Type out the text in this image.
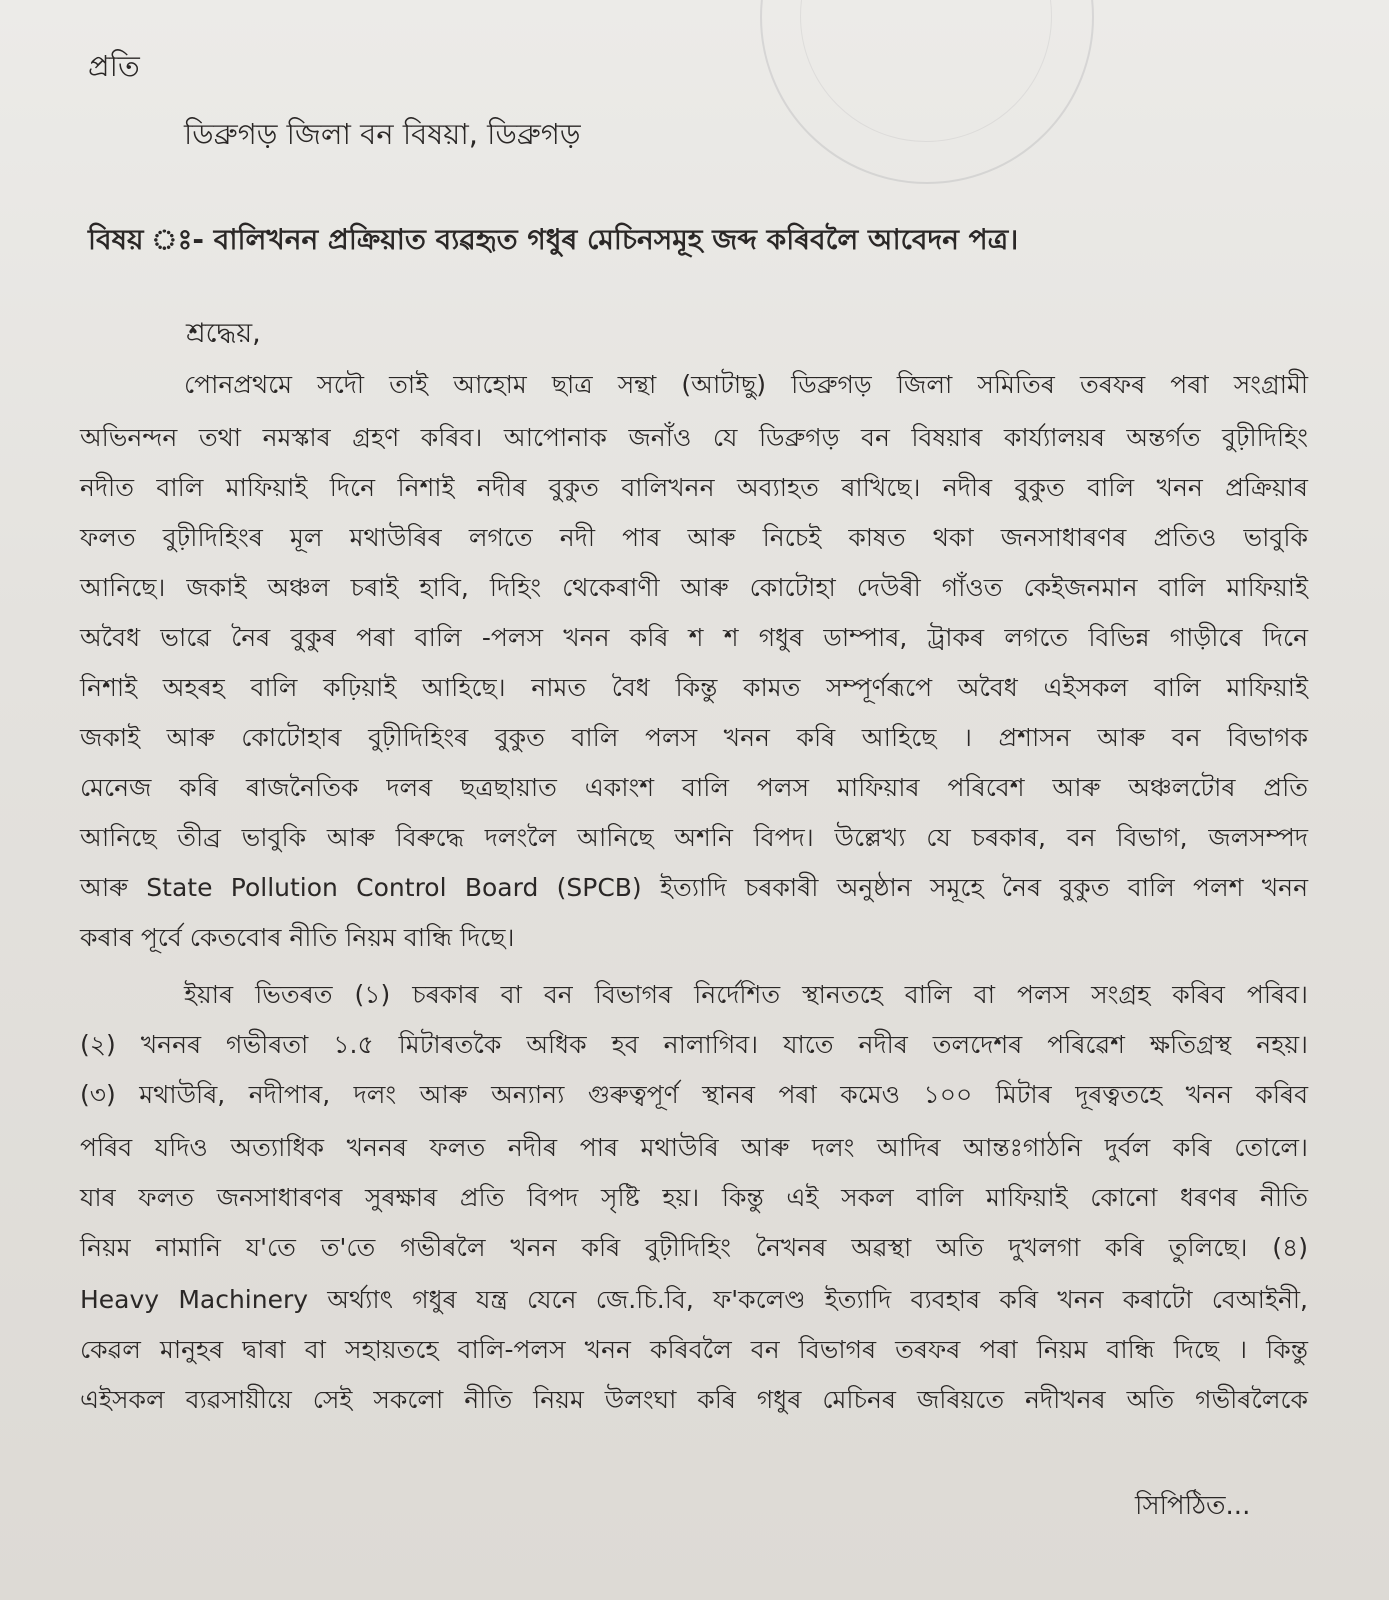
প্ৰতি
ডিব্ৰুগড় জিলা বন বিষয়া, ডিব্ৰুগড়
বিষয় ঃ- বালিখনন প্ৰক্ৰিয়াত ব্যৱহৃত গধুৰ মেচিনসমূহ জব্দ কৰিবলৈ আবেদন পত্ৰ।
শ্ৰদ্ধেয়,
পোনপ্ৰথমে সদৌ তাই আহোম ছাত্ৰ সন্থা (আটাছু) ডিব্ৰুগড় জিলা সমিতিৰ তৰফৰ পৰা সংগ্ৰামী
অভিনন্দন তথা নমস্কাৰ গ্ৰহণ কৰিব। আপোনাক জনাঁও যে ডিব্ৰুগড় বন বিষয়াৰ কাৰ্য্যালয়ৰ অন্তৰ্গত বুঢ়ীদিহিং
নদীত বালি মাফিয়াই দিনে নিশাই নদীৰ বুকুত বালিখনন অব্যাহত ৰাখিছে। নদীৰ বুকুত বালি খনন প্ৰক্ৰিয়াৰ
ফলত বুঢ়ীদিহিংৰ মূল মথাউৰিৰ লগতে নদী পাৰ আৰু নিচেই কাষত থকা জনসাধাৰণৰ প্ৰতিও ভাবুকি
আনিছে। জকাই অঞ্চল চৰাই হাবি, দিহিং থেকেৰাণী আৰু কোটোহা দেউৰী গাঁওত কেইজনমান বালি মাফিয়াই
অবৈধ ভাৱে নৈৰ বুকুৰ পৰা বালি -পলস খনন কৰি শ শ গধুৰ ডাম্পাৰ, ট্ৰাকৰ লগতে বিভিন্ন গাড়ীৰে দিনে
নিশাই অহৰহ বালি কঢ়িয়াই আহিছে। নামত বৈধ কিন্তু কামত সম্পূৰ্ণৰূপে অবৈধ এইসকল বালি মাফিয়াই
জকাই আৰু কোটোহাৰ বুঢ়ীদিহিংৰ বুকুত বালি পলস খনন কৰি আহিছে । প্ৰশাসন আৰু বন বিভাগক
মেনেজ কৰি ৰাজনৈতিক দলৰ ছত্ৰছায়াত একাংশ বালি পলস মাফিয়াৰ পৰিবেশ আৰু অঞ্চলটোৰ প্ৰতি
আনিছে তীব্ৰ ভাবুকি আৰু বিৰুদ্ধে দলংলৈ আনিছে অশনি বিপদ। উল্লেখ্য যে চৰকাৰ, বন বিভাগ, জলসম্পদ
আৰু State Pollution Control Board (SPCB) ইত্যাদি চৰকাৰী অনুষ্ঠান সমূহে নৈৰ বুকুত বালি পলশ খনন
কৰাৰ পূৰ্বে কেতবোৰ নীতি নিয়ম বান্ধি দিছে।
ইয়াৰ ভিতৰত (১) চৰকাৰ বা বন বিভাগৰ নিৰ্দেশিত স্থানতহে বালি বা পলস সংগ্ৰহ কৰিব পৰিব।
(২) খননৰ গভীৰতা ১.৫ মিটাৰতকৈ অধিক হব নালাগিব। যাতে নদীৰ তলদেশৰ পৰিৱেশ ক্ষতিগ্ৰস্থ নহয়।
(৩) মথাউৰি, নদীপাৰ, দলং আৰু অন্যান্য গুৰুত্বপূৰ্ণ স্থানৰ পৰা কমেও ১০০ মিটাৰ দূৰত্বতহে খনন কৰিব
পৰিব যদিও অত্যাধিক খননৰ ফলত নদীৰ পাৰ মথাউৰি আৰু দলং আদিৰ আন্তঃগাঠনি দুৰ্বল কৰি তোলে।
যাৰ ফলত জনসাধাৰণৰ সুৰক্ষাৰ প্ৰতি বিপদ সৃষ্টি হয়। কিন্তু এই সকল বালি মাফিয়াই কোনো ধৰণৰ নীতি
নিয়ম নামানি য'তে ত'তে গভীৰলৈ খনন কৰি বুঢ়ীদিহিং নৈখনৰ অৱস্থা অতি দুখলগা কৰি তুলিছে। (৪)
Heavy Machinery অৰ্থ্যাৎ গধুৰ যন্ত্ৰ যেনে জে.চি.বি, ফ'কলেণ্ড ইত্যাদি ব্যবহাৰ কৰি খনন কৰাটো বেআইনী,
কেৱল মানুহৰ দ্বাৰা বা সহায়তহে বালি-পলস খনন কৰিবলৈ বন বিভাগৰ তৰফৰ পৰা নিয়ম বান্ধি দিছে । কিন্তু
এইসকল ব্যৱসায়ীয়ে সেই সকলো নীতি নিয়ম উলংঘা কৰি গধুৰ মেচিনৰ জৰিয়তে নদীখনৰ অতি গভীৰলৈকে
সিপিঠিত...
